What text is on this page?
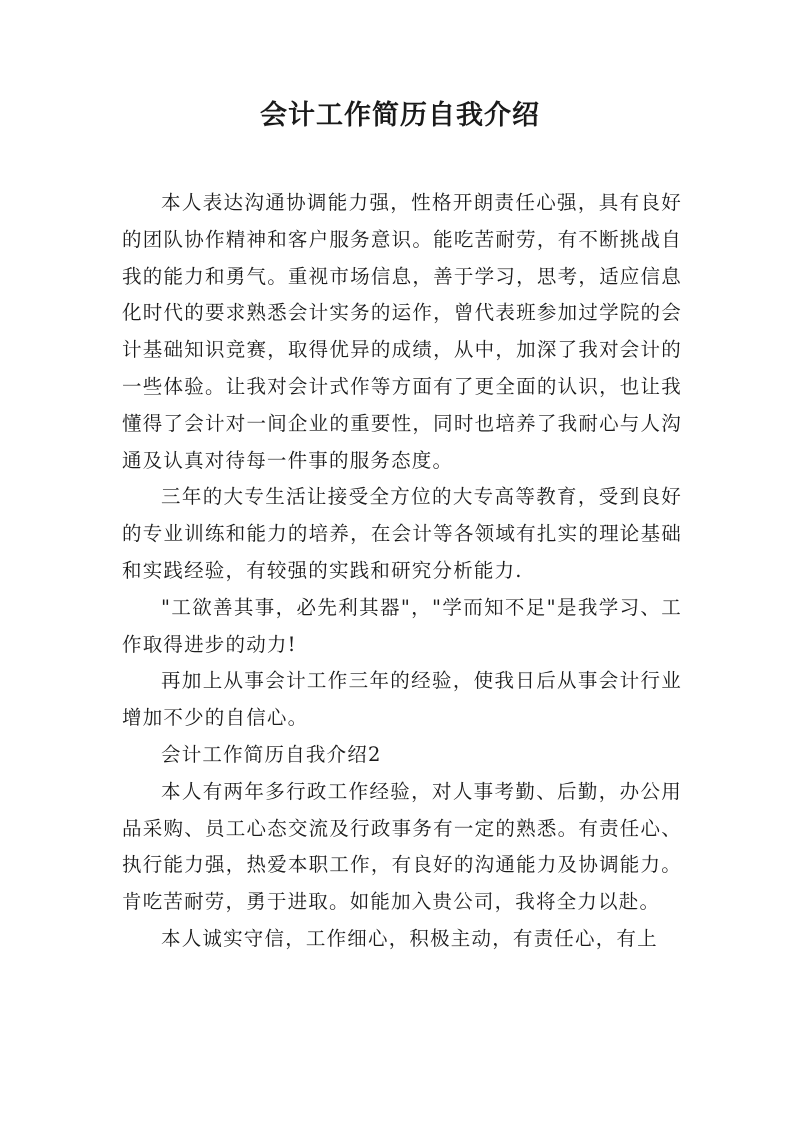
会计工作简历自我介绍

本人表达沟通协调能力强，性格开朗责任心强，具有良好的团队协作精神和客户服务意识。能吃苦耐劳，有不断挑战自我的能力和勇气。重视市场信息，善于学习，思考，适应信息化时代的要求熟悉会计实务的运作，曾代表班参加过学院的会计基础知识竞赛，取得优异的成绩，从中，加深了我对会计的一些体验。让我对会计式作等方面有了更全面的认识，也让我懂得了会计对一间企业的重要性，同时也培养了我耐心与人沟通及认真对待每一件事的服务态度。

三年的大专生活让接受全方位的大专高等教育，受到良好的专业训练和能力的培养，在会计等各领域有扎实的理论基础和实践经验，有较强的实践和研究分析能力.

"工欲善其事，必先利其器"，"学而知不足"是我学习、工作取得进步的动力!

再加上从事会计工作三年的经验，使我日后从事会计行业增加不少的自信心。

会计工作简历自我介绍2

本人有两年多行政工作经验，对人事考勤、后勤，办公用品采购、员工心态交流及行政事务有一定的熟悉。有责任心、执行能力强，热爱本职工作，有良好的沟通能力及协调能力。肯吃苦耐劳，勇于进取。如能加入贵公司，我将全力以赴。

本人诚实守信，工作细心，积极主动，有责任心，有上
